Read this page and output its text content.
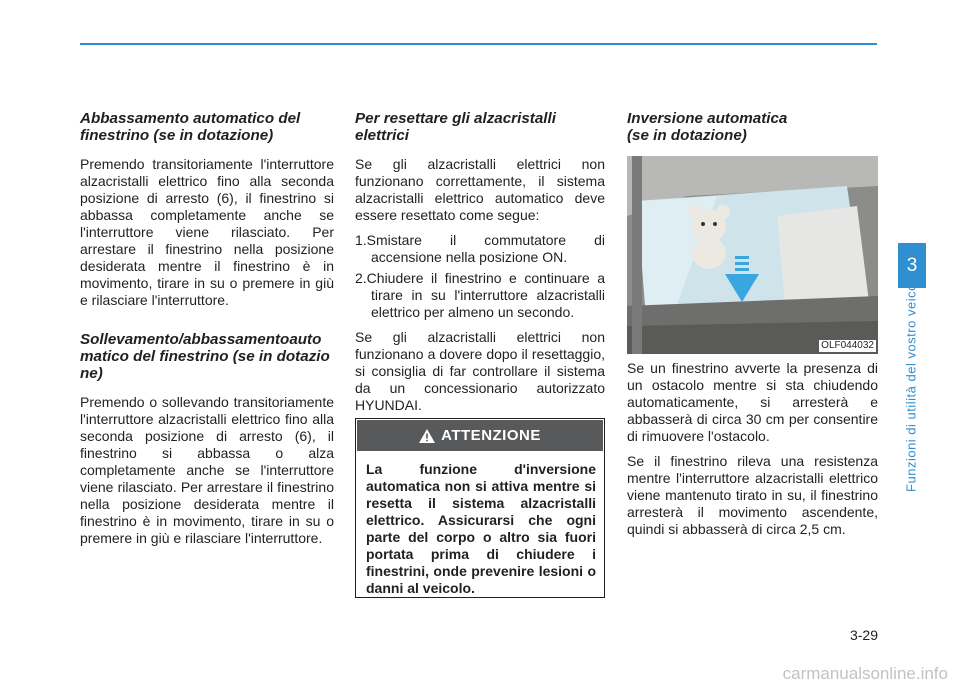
Abbassamento automatico del finestrino (se in dotazione)

Premendo transitoriamente l'interruttore alzacristalli elettrico fino alla seconda posizione di arresto (6), il finestrino si abbassa completamente anche se l'interruttore viene rilasciato. Per arrestare il finestrino nella posizione desiderata mentre il finestrino è in movimento, tirare in su o premere in giù e rilasciare l'interruttore.

Sollevamento/abbassamentoautomatico del finestrino (se in dotazione)

Premendo o sollevando transitoriamente l'interruttore alzacristalli elettrico fino alla seconda posizione di arresto (6), il finestrino si abbassa o alza completamente anche se l'interruttore viene rilasciato. Per arrestare il finestrino nella posizione desiderata mentre il finestrino è in movimento, tirare in su o premere in giù e rilasciare l'interruttore.

Per resettare gli alzacristalli elettrici

Se gli alzacristalli elettrici non funzionano correttamente, il sistema alzacristalli elettrico automatico deve essere resettato come segue:

1.Smistare il commutatore di accensione nella posizione ON.
2.Chiudere il finestrino e continuare a tirare in su l'interruttore alzacristalli elettrico per almeno un secondo.

Se gli alzacristalli elettrici non funzionano a dovere dopo il resettaggio, si consiglia di far controllare il sistema da un concessionario autorizzato HYUNDAI.

ATTENZIONE
La funzione d'inversione automatica non si attiva mentre si resetta il sistema alzacristalli elettrico. Assicurarsi che ogni parte del corpo o altro sia fuori portata prima di chiudere i finestrini, onde prevenire lesioni o danni al veicolo.
Inversione automatica
(se in dotazione)
OLF044032

Se un finestrino avverte la presenza di un ostacolo mentre si sta chiudendo automaticamente, si arresterà e abbasserà di circa 30 cm per consentire di rimuovere l'ostacolo.

Se il finestrino rileva una resistenza mentre l'interruttore alzacristalli elettrico viene mantenuto tirato in su, il finestrino arresterà il movimento ascendente, quindi si abbasserà di circa 2,5 cm.

3
Funzioni di utilità del vostro veicolo
3-29
carmanualsonline.info
